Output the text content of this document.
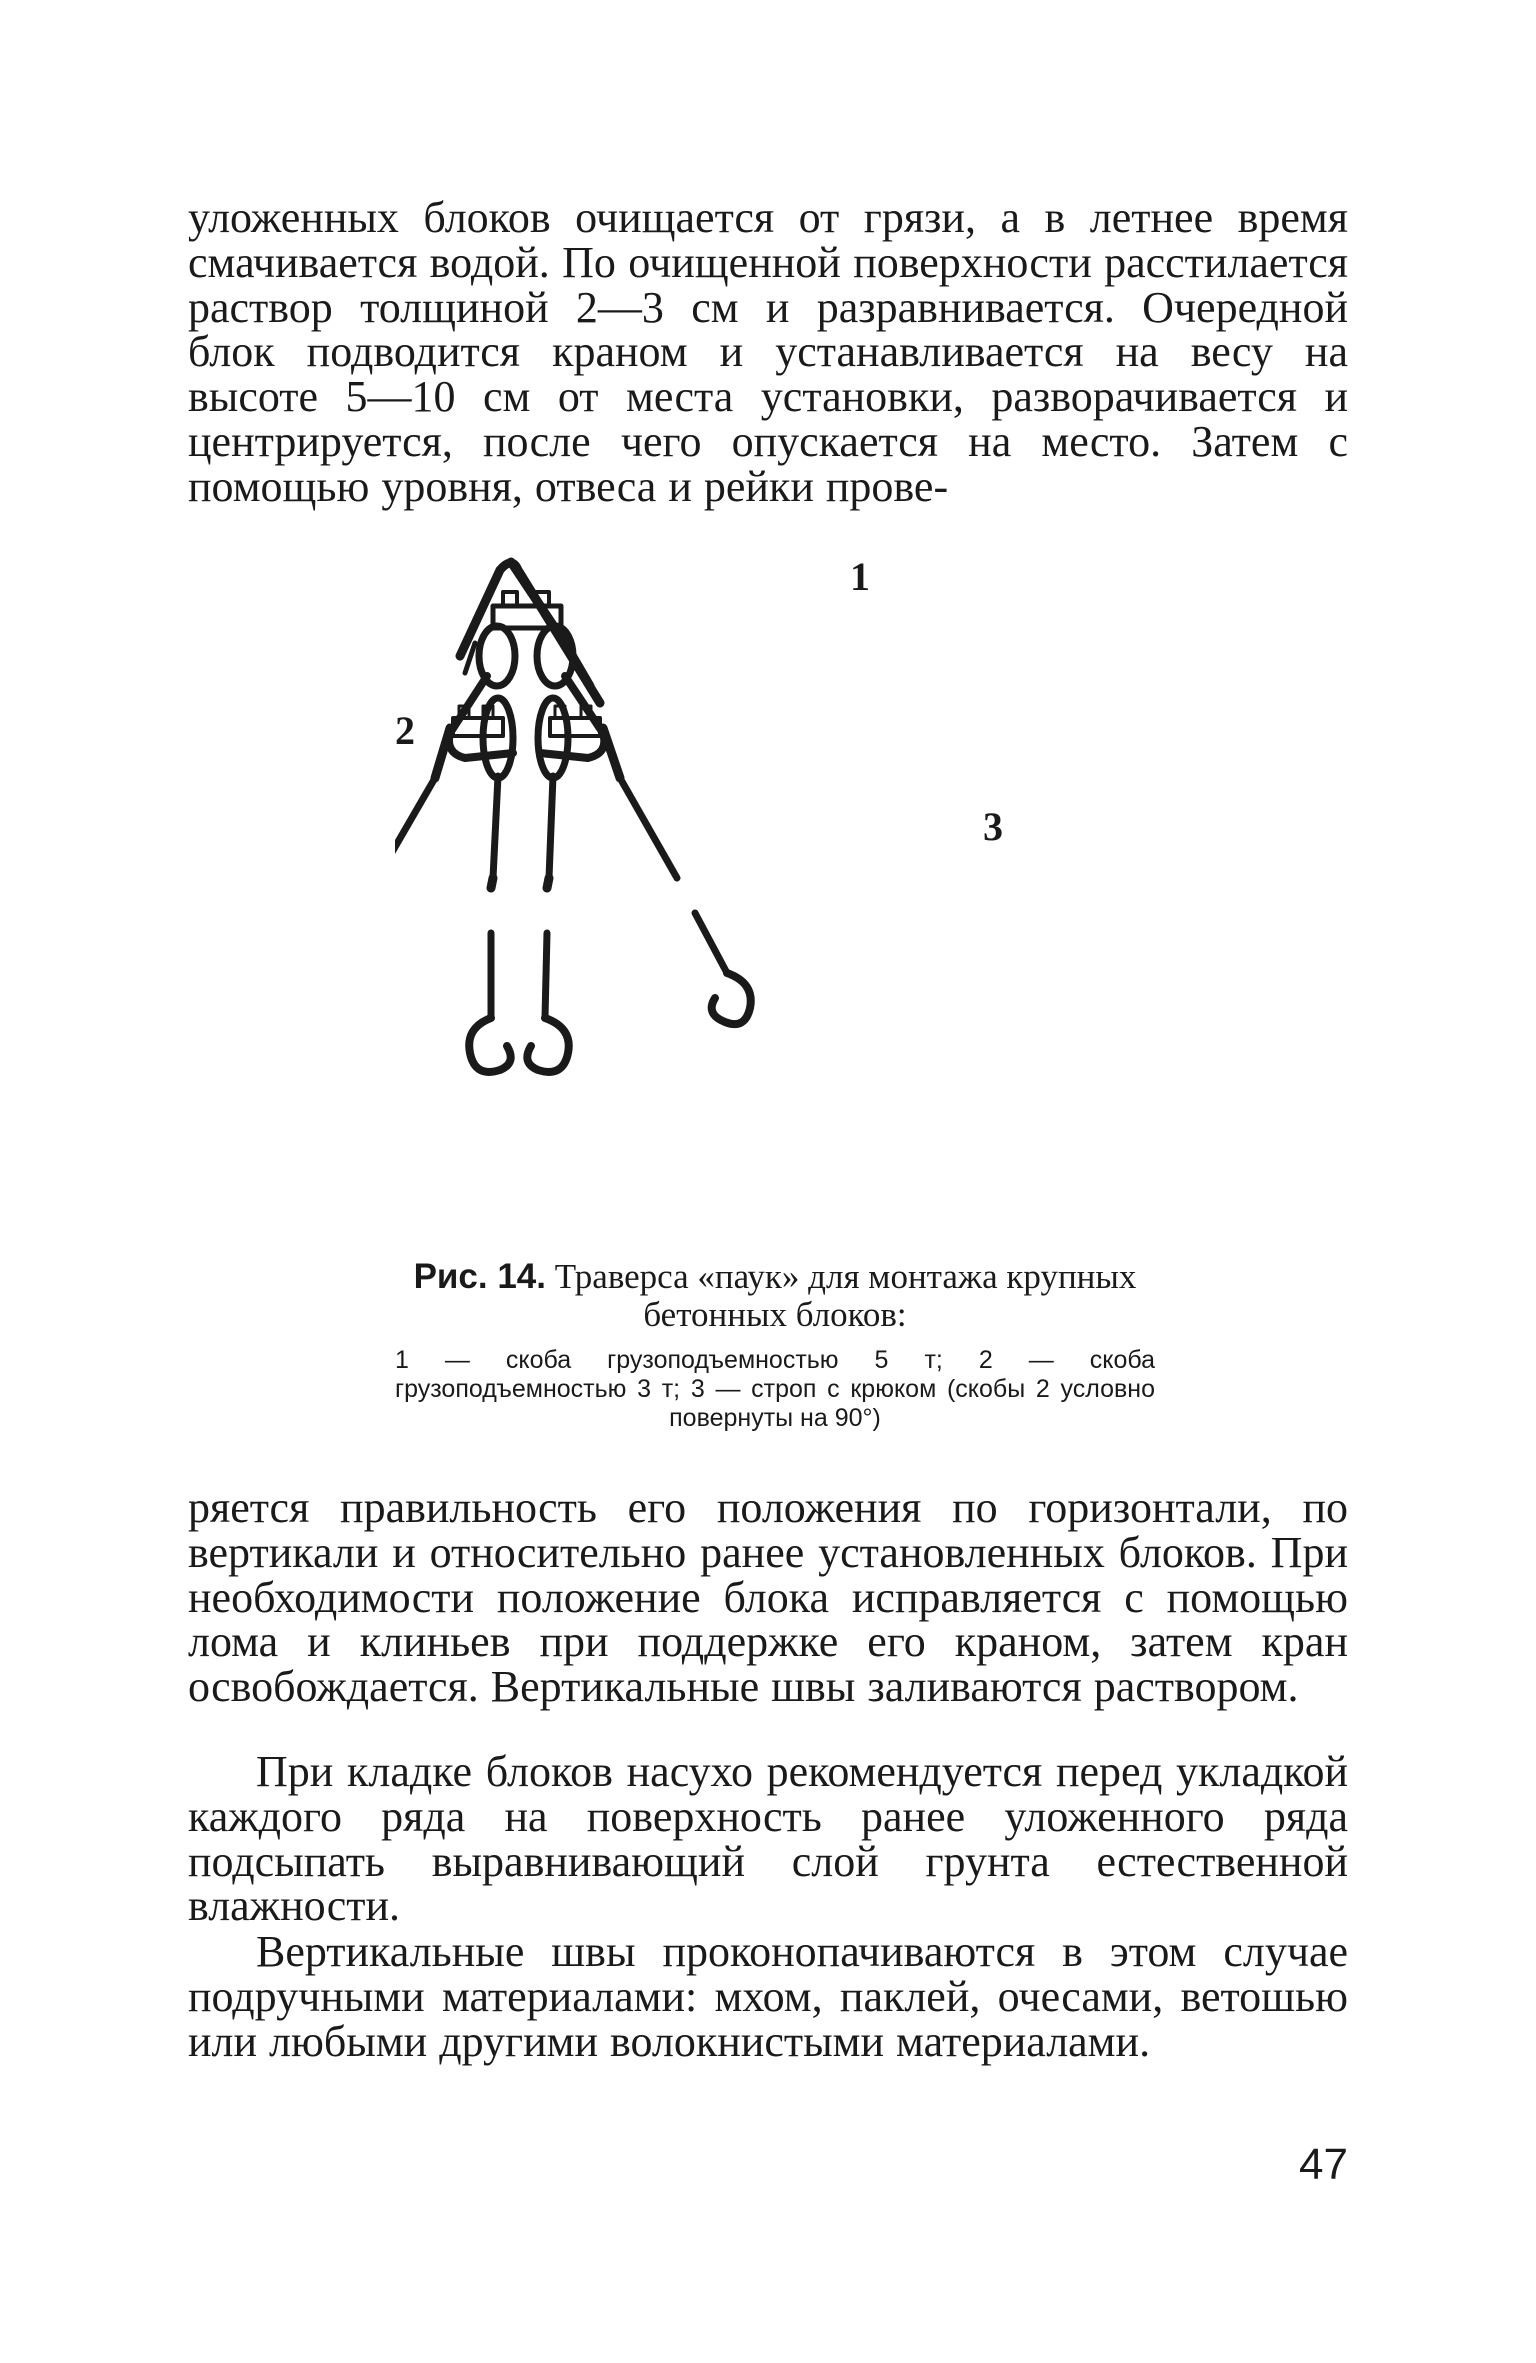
уложенных блоков очищается от грязи, а в летнее время смачивается водой. По очищенной поверхности расстилается раствор толщиной 2—3 см и разравнивается. Очередной блок подводится краном и устанавливается на весу на высоте 5—10 см от места установки, разворачивается и центрируется, после чего опускается на место. Затем с помощью уровня, отвеса и рейки прове-
1
2
3
Рис. 14. Траверса «паук» для монтажа крупных бетонных блоков:
1 — скоба грузоподъемностью 5 т; 2 — скоба грузоподъемностью 3 т; 3 — строп с крюком (скобы 2 условно повернуты на 90°)
ряется правильность его положения по горизонтали, по вертикали и относительно ранее установленных блоков. При необходимости положение блока исправляется с помощью лома и клиньев при поддержке его краном, затем кран освобождается. Вертикальные швы заливаются раствором.
При кладке блоков насухо рекомендуется перед укладкой каждого ряда на поверхность ранее уложенного ряда подсыпать выравнивающий слой грунта естественной влажности.
Вертикальные швы проконопачиваются в этом случае подручными материалами: мхом, паклей, очесами, ветошью или любыми другими волокнистыми материалами.
47
